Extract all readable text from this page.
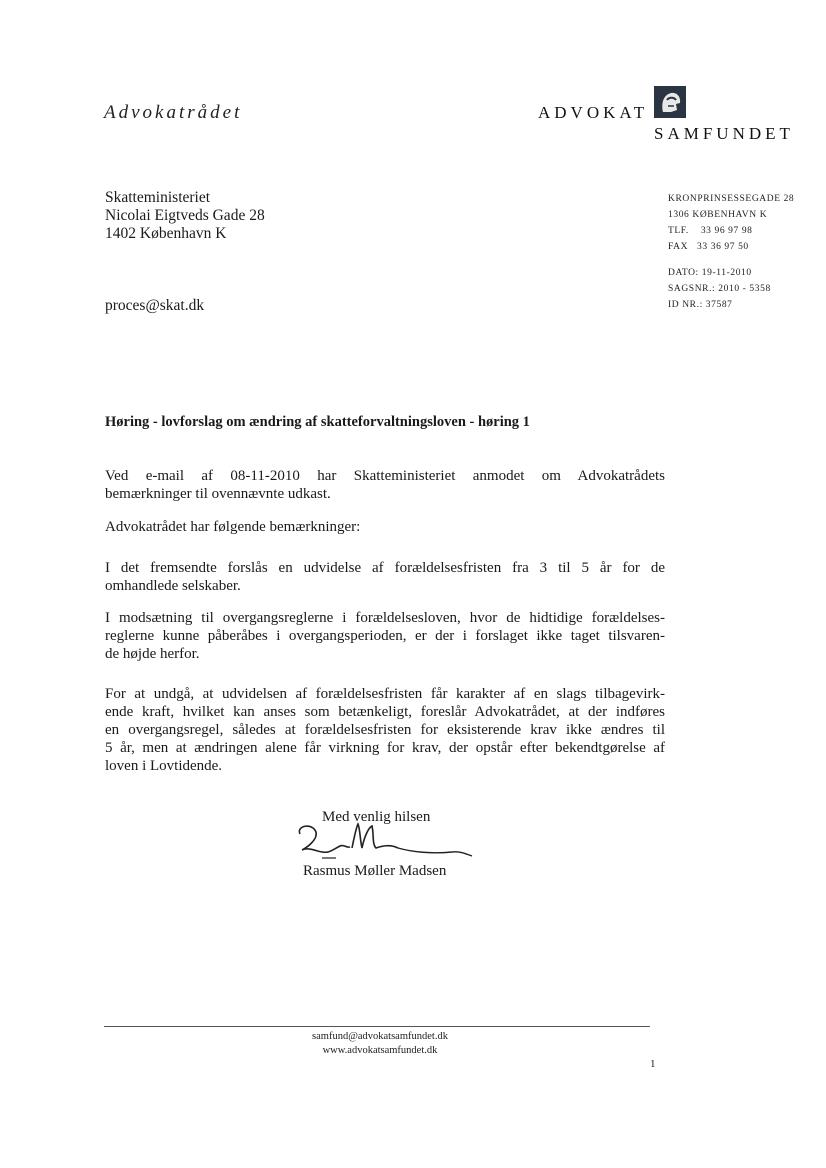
Advokatrådet	ADVOKAT
SAMFUNDET
Skatteministeriet
Nicolai Eigtveds Gade 28
1402 København K
proces@skat.dk
KRONPRINSESSEGADE 28
1306 KØBENHAVN K
TLF. 33 96 97 98
FAX 33 36 97 50
DATO: 19-11-2010
SAGSNR.: 2010 - 5358
ID NR.: 37587
Høring - lovforslag om ændring af skatteforvaltningsloven - høring 1
Ved e-mail af 08-11-2010 har Skatteministeriet anmodet om Advokatrådets
bemærkninger til ovennævnte udkast.
Advokatrådet har følgende bemærkninger:
I det fremsendte forslås en udvidelse af forældelsesfristen fra 3 til 5 år for de
omhandlede selskaber.
I modsætning til overgangsreglerne i forældelsesloven, hvor de hidtidige forældelses-
reglerne kunne påberåbes i overgangsperioden, er der i forslaget ikke taget tilsvaren-
de højde herfor.
For at undgå, at udvidelsen af forældelsesfristen får karakter af en slags tilbagevirk-
ende kraft, hvilket kan anses som betænkeligt, foreslår Advokatrådet, at der indføres
en overgangsregel, således at forældelsesfristen for eksisterende krav ikke ændres til
5 år, men at ændringen alene får virkning for krav, der opstår efter bekendtgørelse af
loven i Lovtidende.
Med venlig hilsen
Rasmus Møller Madsen
samfund@advokatsamfundet.dk
www.advokatsamfundet.dk
1
